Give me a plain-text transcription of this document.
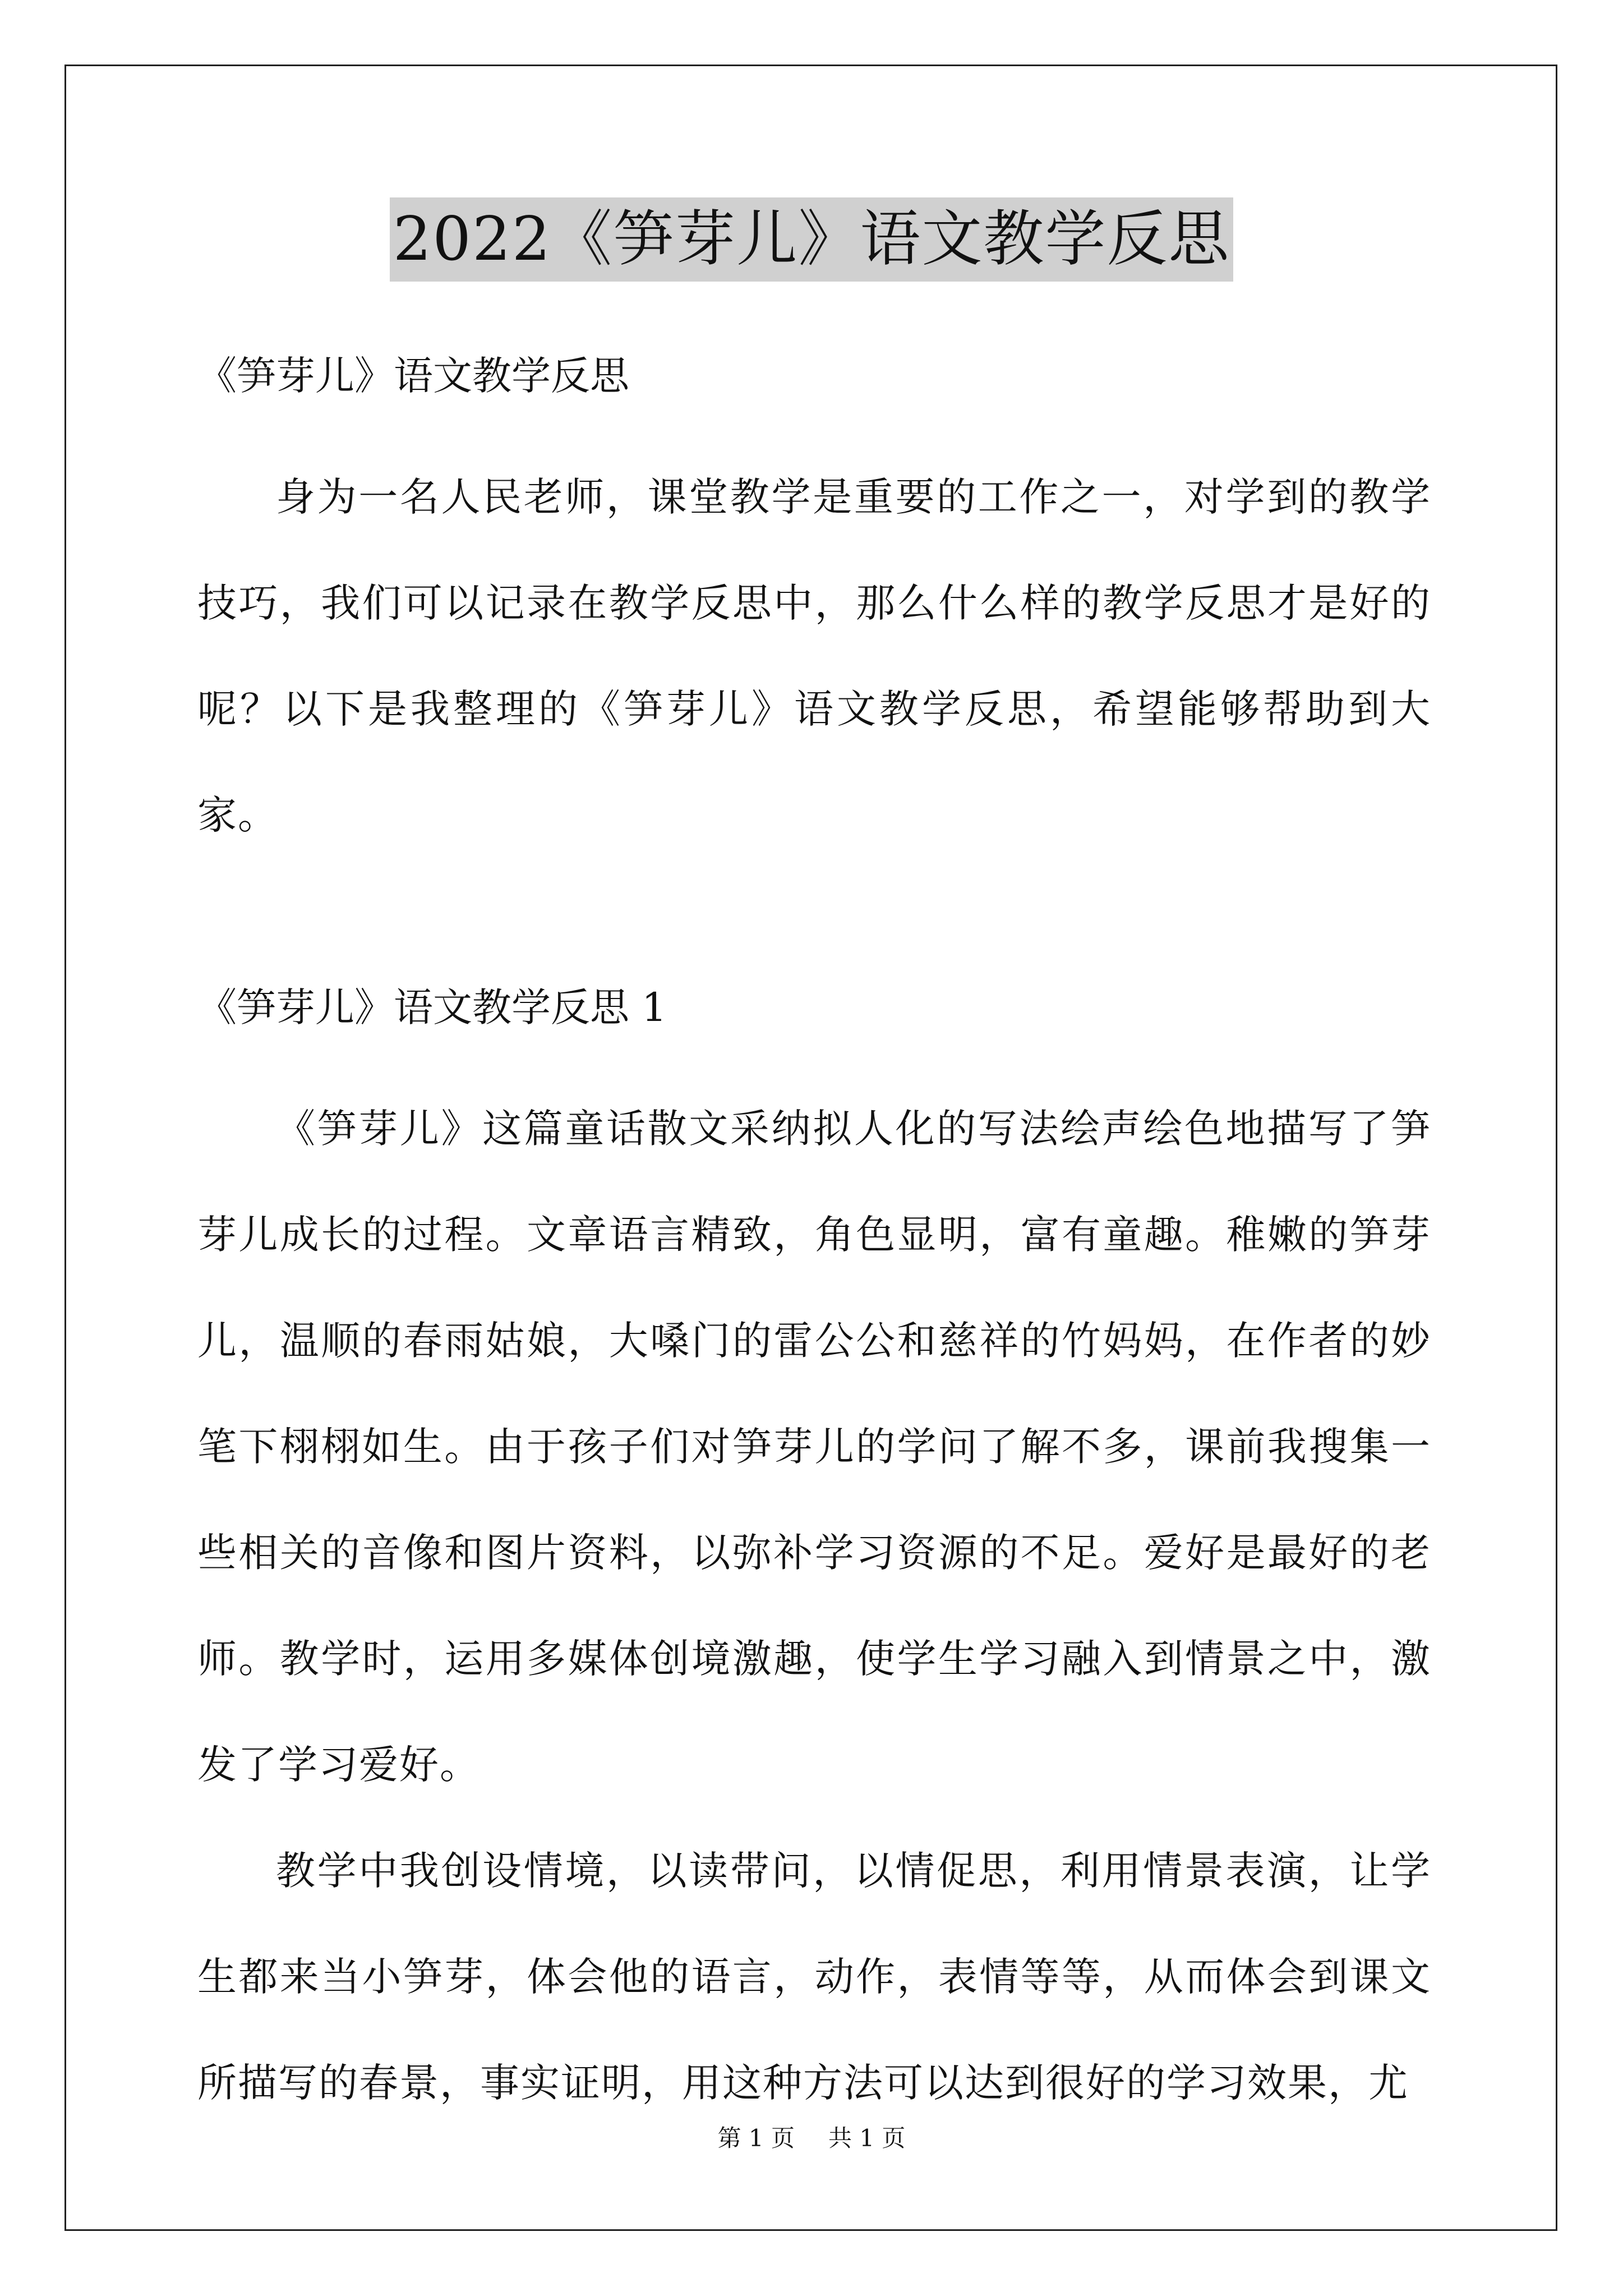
2022《笋芽儿》语文教学反思

《笋芽儿》语文教学反思

身为一名人民老师，课堂教学是重要的工作之一，对学到的教学技巧，我们可以记录在教学反思中，那么什么样的教学反思才是好的呢？以下是我整理的《笋芽儿》语文教学反思，希望能够帮助到大家。

《笋芽儿》语文教学反思 1

《笋芽儿》这篇童话散文采纳拟人化的写法绘声绘色地描写了笋芽儿成长的过程。文章语言精致，角色显明，富有童趣。稚嫩的笋芽儿，温顺的春雨姑娘，大嗓门的雷公公和慈祥的竹妈妈，在作者的妙笔下栩栩如生。由于孩子们对笋芽儿的学问了解不多，课前我搜集一些相关的音像和图片资料，以弥补学习资源的不足。爱好是最好的老师。教学时，运用多媒体创境激趣，使学生学习融入到情景之中，激发了学习爱好。

教学中我创设情境，以读带问，以情促思，利用情景表演，让学生都来当小笋芽，体会他的语言，动作，表情等等，从而体会到课文所描写的春景，事实证明，用这种方法可以达到很好的学习效果，尤

第 1 页 共 1 页
